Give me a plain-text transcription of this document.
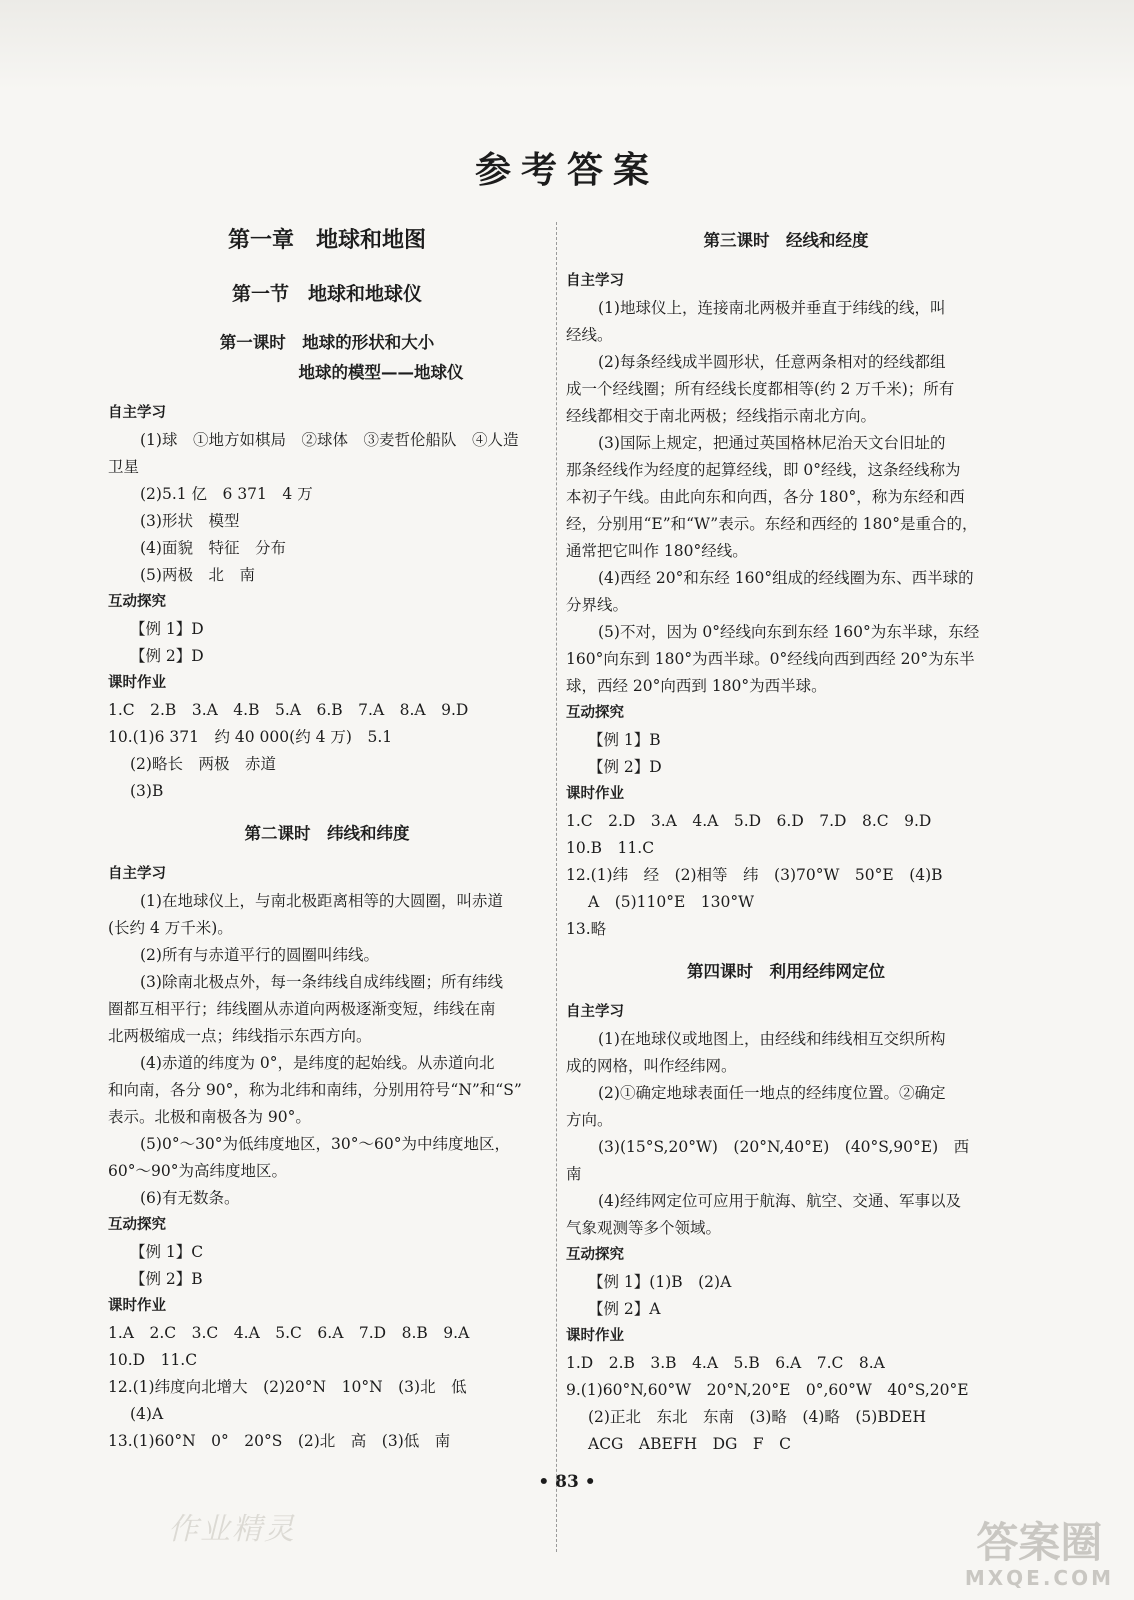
参考答案
第一章　地球和地图
第一节　地球和地球仪
第一课时　地球的形状和大小
地球的模型——地球仪
自主学习
(1)球　①地方如棋局　②球体　③麦哲伦船队　④人造
卫星
(2)5.1 亿　6 371　4 万
(3)形状　模型
(4)面貌　特征　分布
(5)两极　北　南
互动探究
【例 1】D
【例 2】D
课时作业
1.C　2.B　3.A　4.B　5.A　6.B　7.A　8.A　9.D
10.(1)6 371　约 40 000(约 4 万)　5.1
(2)略长　两极　赤道
(3)B
第二课时　纬线和纬度
自主学习
(1)在地球仪上，与南北极距离相等的大圆圈，叫赤道
(长约 4 万千米)。
(2)所有与赤道平行的圆圈叫纬线。
(3)除南北极点外，每一条纬线自成纬线圈；所有纬线
圈都互相平行；纬线圈从赤道向两极逐渐变短，纬线在南
北两极缩成一点；纬线指示东西方向。
(4)赤道的纬度为 0°，是纬度的起始线。从赤道向北
和向南，各分 90°，称为北纬和南纬，分别用符号“N”和“S”
表示。北极和南极各为 90°。
(5)0°～30°为低纬度地区，30°～60°为中纬度地区，
60°～90°为高纬度地区。
(6)有无数条。
互动探究
【例 1】C
【例 2】B
课时作业
1.A　2.C　3.C　4.A　5.C　6.A　7.D　8.B　9.A
10.D　11.C
12.(1)纬度向北增大　(2)20°N　10°N　(3)北　低
(4)A
13.(1)60°N　0°　20°S　(2)北　高　(3)低　南
第三课时　经线和经度
自主学习
(1)地球仪上，连接南北两极并垂直于纬线的线，叫
经线。
(2)每条经线成半圆形状，任意两条相对的经线都组
成一个经线圈；所有经线长度都相等(约 2 万千米)；所有
经线都相交于南北两极；经线指示南北方向。
(3)国际上规定，把通过英国格林尼治天文台旧址的
那条经线作为经度的起算经线，即 0°经线，这条经线称为
本初子午线。由此向东和向西，各分 180°，称为东经和西
经，分别用“E”和“W”表示。东经和西经的 180°是重合的，
通常把它叫作 180°经线。
(4)西经 20°和东经 160°组成的经线圈为东、西半球的
分界线。
(5)不对，因为 0°经线向东到东经 160°为东半球，东经
160°向东到 180°为西半球。0°经线向西到西经 20°为东半
球，西经 20°向西到 180°为西半球。
互动探究
【例 1】B
【例 2】D
课时作业
1.C　2.D　3.A　4.A　5.D　6.D　7.D　8.C　9.D
10.B　11.C
12.(1)纬　经　(2)相等　纬　(3)70°W　50°E　(4)B
A　(5)110°E　130°W
13.略
第四课时　利用经纬网定位
自主学习
(1)在地球仪或地图上，由经线和纬线相互交织所构
成的网格，叫作经纬网。
(2)①确定地球表面任一地点的经纬度位置。②确定
方向。
(3)(15°S,20°W)　(20°N,40°E)　(40°S,90°E)　西
南
(4)经纬网定位可应用于航海、航空、交通、军事以及
气象观测等多个领域。
互动探究
【例 1】(1)B　(2)A
【例 2】A
课时作业
1.D　2.B　3.B　4.A　5.B　6.A　7.C　8.A
9.(1)60°N,60°W　20°N,20°E　0°,60°W　40°S,20°E
(2)正北　东北　东南　(3)略　(4)略　(5)BDEH
ACG　ABEFH　DG　F　C
• 83 •
作业精灵	答案圈
MXQE.COM
